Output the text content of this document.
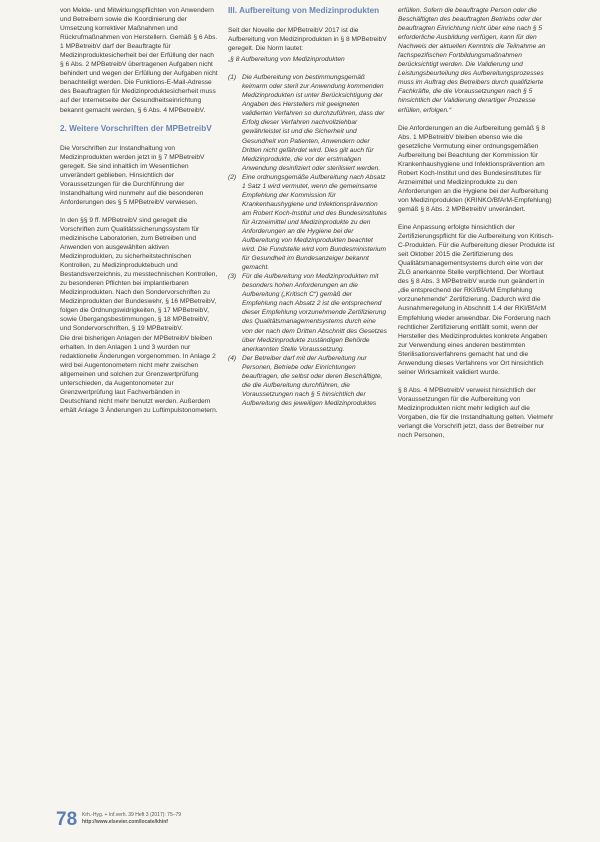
von Melde- und Mitwirkungspflichten von Anwendern und Betreibern sowie die Koordinierung der Umsetzung korrektiver Maßnahmen und Rückrufmaßnahmen von Herstellern. Gemäß § 6 Abs. 1 MPBetreibV darf der Beauftragte für Medizinproduktesicherheit bei der Erfüllung der nach § 6 Abs. 2 MPBetreibV übertragenen Aufgaben nicht behindert und wegen der Erfüllung der Aufgaben nicht benachteiligt werden. Die Funktions-E-Mail-Adresse des Beauftragten für Medizinproduktesicherheit muss auf der Internetseite der Gesundheitseinrichtung bekannt gemacht werden, § 6 Abs. 4 MPBetreibV.

2. Weitere Vorschriften der MPBetreibV

Die Vorschriften zur Instandhaltung von Medizinprodukten werden jetzt in § 7 MPBetreibV geregelt. Sie sind inhaltlich im Wesentlichen unverändert geblieben. Hinsichtlich der Voraussetzungen für die Durchführung der Instandhaltung wird nunmehr auf die besonderen Anforderungen des § 5 MPBetreibV verwiesen.

In den §§ 9 ff. MPBetreibV sind geregelt die Vorschriften zum Qualitätssicherungssystem für medizinische Laboratorien, zum Betreiben und Anwenden von ausgewählten aktiven Medizinprodukten, zu sicherheitstechnischen Kontrollen, zu Medizinproduktebuch und Bestandsverzeichnis, zu messtechnischen Kontrollen, zu besonderen Pflichten bei implantierbaren Medizinprodukten. Nach den Sondervorschriften zu Medizinprodukten der Bundeswehr, § 16 MPBetreibV, folgen die Ordnungswidrigkeiten, § 17 MPBetreibV, sowie Übergangsbestimmungen, § 18 MPBetreibV, und Sondervorschriften, § 19 MPBetreibV.

Die drei bisherigen Anlagen der MPBetreibV bleiben erhalten. In den Anlagen 1 und 3 wurden nur redaktionelle Änderungen vorgenommen. In Anlage 2 wird bei Augentonometern nicht mehr zwischen allgemeinen und solchen zur Grenzwertprüfung unterschieden, da Augentonometer zur Grenzwertprüfung laut Fachverbänden in Deutschland nicht mehr benutzt werden. Außerdem erhält Anlage 3 Änderungen zu Luftimpulstonometern.

III. Aufbereitung von Medizinprodukten

Seit der Novelle der MPBetreibV 2017 ist die Aufbereitung von Medizinprodukten in § 8 MPBetreibV geregelt. Die Norm lautet:

„§ 8 Aufbereitung von Medizinprodukten

(1) Die Aufbereitung von bestimmungsgemäß keimarm oder steril zur Anwendung kommenden Medizinprodukten ist unter Berücksichtigung der Angaben des Herstellers mit geeigneten validierten Verfahren so durchzuführen, dass der Erfolg dieser Verfahren nachvollziehbar gewährleistet ist und die Sicherheit und Gesundheit von Patienten, Anwendern oder Dritten nicht gefährdet wird. Dies gilt auch für Medizinprodukte, die vor der erstmaligen Anwendung desinfiziert oder sterilisiert werden.
(2) Eine ordnungsgemäße Aufbereitung nach Absatz 1 Satz 1 wird vermutet, wenn die gemeinsame Empfehlung der Kommission für Krankenhaushygiene und Infektionsprävention am Robert Koch-Institut und des Bundesinstitutes für Arzneimittel und Medizinprodukte zu den Anforderungen an die Hygiene bei der Aufbereitung von Medizinprodukten beachtet wird. Die Fundstelle wird vom Bundesministerium für Gesundheit im Bundesanzeiger bekannt gemacht.
(3) Für die Aufbereitung von Medizinprodukten mit besonders hohen Anforderungen an die Aufbereitung („Kritisch C“) gemäß der Empfehlung nach Absatz 2 ist die entsprechend dieser Empfehlung vorzunehmende Zertifizierung des Qualitätsmanagementsystems durch eine von der nach dem Dritten Abschnitt des Gesetzes über Medizinprodukte zuständigen Behörde anerkannten Stelle Voraussetzung.
(4) Der Betreiber darf mit der Aufbereitung nur Personen, Betriebe oder Einrichtungen beauftragen, die selbst oder deren Beschäftigte, die die Aufbereitung durchführen, die Voraussetzungen nach § 5 hinsichtlich der Aufbereitung des jeweiligen Medizinproduktes

erfüllen. Sofern die beauftragte Person oder die Beschäftigten des beauftragten Betriebs oder der beauftragten Einrichtung nicht über eine nach § 5 erforderliche Ausbildung verfügen, kann für den Nachweis der aktuellen Kenntnis die Teilnahme an fachspezifischen Fortbildungsmaßnahmen berücksichtigt werden. Die Validierung und Leistungsbeurteilung des Aufbereitungsprozesses muss im Auftrag des Betreibers durch qualifizierte Fachkräfte, die die Voraussetzungen nach § 5 hinsichtlich der Validierung derartiger Prozesse erfüllen, erfolgen.“

Die Anforderungen an die Aufbereitung gemäß § 8 Abs. 1 MPBetreibV bleiben ebenso wie die gesetzliche Vermutung einer ordnungsgemäßen Aufbereitung bei Beachtung der Kommission für Krankenhaushygiene und Infektionsprävention am Robert Koch-Institut und des Bundesinstitutes für Arzneimittel und Medizinprodukte zu den Anforderungen an die Hygiene bei der Aufbereitung von Medizinprodukten (KRINKO/BfArM-Empfehlung) gemäß § 8 Abs. 2 MPBetreibV unverändert.

Eine Anpassung erfolgte hinsichtlich der Zertifizierungspflicht für die Aufbereitung von Kritisch-C-Produkten. Für die Aufbereitung dieser Produkte ist seit Oktober 2015 die Zertifizierung des Qualitätsmanagementsystems durch eine von der ZLG anerkannte Stelle verpflichtend. Der Wortlaut des § 8 Abs. 3 MPBetreibV wurde nun geändert in „die entsprechend der RKI/BfArM Empfehlung vorzunehmende“ Zertifizierung. Dadurch wird die Ausnahmeregelung in Abschnitt 1.4 der RKI/BfArM Empfehlung wieder anwendbar. Die Forderung nach rechtlicher Zertifizierung entfällt somit, wenn der Hersteller des Medizinproduktes konkrete Angaben zur Verwendung eines anderen bestimmten Sterilisationsverfahrens gemacht hat und die Anwendung dieses Verfahrens vor Ort hinsichtlich seiner Wirksamkeit validiert wurde.

§ 8 Abs. 4 MPBetreibV verweist hinsichtlich der Voraussetzungen für die Aufbereitung von Medizinprodukten nicht mehr lediglich auf die Vorgaben, die für die Instandhaltung gelten. Vielmehr verlangt die Vorschrift jetzt, dass der Betreiber nur noch Personen,

78 Krh.-Hyg. + Inf.verh. 39 Heft 3 (2017): 75–79
http://www.elsevier.com/locate/khinf
